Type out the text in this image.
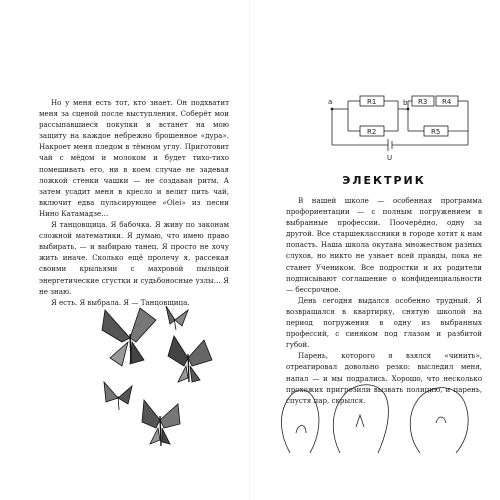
Но у меня есть тот, кто знает. Он подхватит меня за сценой после выступления. Соберёт мои рассыпавшиеся покупки и встанет на мою защиту на каждое небрежно брошенное «дура». Накроет меня пледом в тёмном углу. Приготовит чай с мёдом и молоком и будет тихо-тихо помешивать его, ни в коем случае не задевая ложкой стенки чашки — не создавая ритм. А затем усадит меня в кресло и велит пить чай, включит едва пульсирующее «Olei» из песни Нино Катамадзе…

Я танцовщица. Я бабочка. Я живу по законам сложной математики. Я думаю, что имею право выбирать, — и выбираю танец. Я просто не хочу жить иначе. Сколько ещё пролечу я, рассекая своими крыльями с махровой пыльцой энергетические сгустки и судьбоносные узлы… Я не знаю.

Я есть. Я выбрала. Я — Танцовщица.

a	b
R1
R2
R3 R4
R5
U
ЭЛЕКТРИК

В нашей школе — особенная программа профориентации — с полным погружением в выбранные профессии. Поочерёдно, одну за другой. Все старшеклассники в городе хотят к нам попасть. Наша школа окутана множеством разных слухов, но никто не узнает всей правды, пока не станет Учеником. Все подростки и их родители подписывают соглашение о конфиденциальности — бессрочное.

День сегодня выдался особенно трудный. Я возвращался в квартирку, снятую школой на период погружения в одну из выбранных профессий, с синяком под глазом и разбитой губой.

Парень, которого я взялся «чинить», отреагировал довольно резко: выследил меня, напал — и мы подрались. Хорошо, что несколько прохожих пригрозили вызвать полицию, и парень, спустя пар, скрылся.
